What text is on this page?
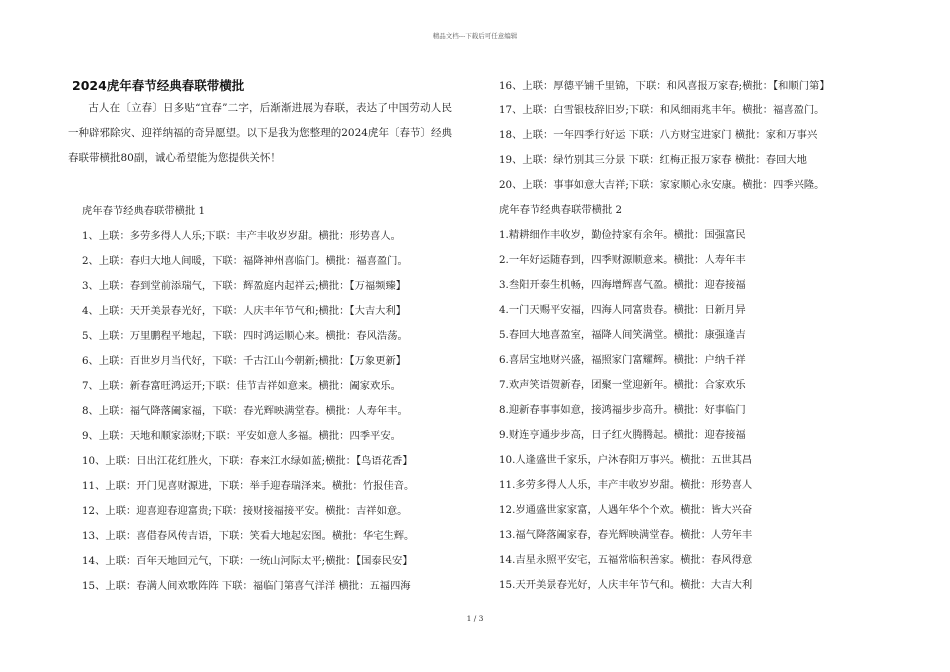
精品文档---下载后可任意编辑
2024虎年春节经典春联带横批
古人在〔立春〕日多贴“宜春”二字，后渐渐进展为春联，表达了中国劳动人民一种辟邪除灾、迎祥纳福的奇异愿望。以下是我为您整理的2024虎年〔春节〕经典春联带横批80副，诚心希望能为您提供关怀！
虎年春节经典春联带横批 1
1、上联：多劳多得人人乐;下联：丰产丰收岁岁甜。横批：形势喜人。
2、上联：春归大地人间暖，下联：福降神州喜临门。横批：福喜盈门。
3、上联：春到堂前添瑞气，下联：辉盈庭内起祥云;横批：【万福频臻】
4、上联：天开美景春光好，下联：人庆丰年节气和;横批：【大吉大利】
5、上联：万里鹏程平地起，下联：四时鸿运顺心来。横批：春风浩荡。
6、上联：百世岁月当代好，下联：千古江山今朝新;横批：【万象更新】
7、上联：新春富旺鸿运开;下联：佳节吉祥如意来。横批：阖家欢乐。
8、上联：福气降落阖家福，下联：春光辉映满堂春。横批：人寿年丰。
9、上联：天地和顺家添财;下联：平安如意人多福。横批：四季平安。
10、上联：日出江花红胜火，下联：春来江水绿如蓝;横批：【鸟语花香】
11、上联：开门见喜财源进，下联：举手迎春瑞泽来。横批：竹报佳音。
12、上联：迎喜迎春迎富贵;下联：接财接福接平安。横批：吉祥如意。
13、上联：喜借春风传吉语，下联：笑看大地起宏图。横批：华宅生辉。
14、上联：百年天地回元气，下联：一统山河际太平;横批：【国泰民安】
15、上联：春满人间欢歌阵阵 下联：福临门第喜气洋洋 横批：五福四海
16、上联：厚德平铺千里锦，下联：和风喜报万家春;横批：【和顺门第】
17、上联：白雪银枝辞旧岁;下联：和风细雨兆丰年。横批：福喜盈门。
18、上联：一年四季行好运 下联：八方财宝进家门 横批：家和万事兴
19、上联：绿竹别其三分景 下联：红梅正报万家春 横批：春回大地
20、上联：事事如意大吉祥;下联：家家顺心永安康。横批：四季兴隆。
虎年春节经典春联带横批 2
1.精耕细作丰收岁，勤俭持家有余年。横批：国强富民
2.一年好运随春到，四季财源顺意来。横批：人寿年丰
3.叁阳开泰生机畅，四海增辉喜气盈。横批：迎春接福
4.一门天赐平安福，四海人同富贵春。横批：日新月异
5.春回大地喜盈室，福降人间笑满堂。横批：康强逢吉
6.喜居宝地财兴盛，福照家门富耀辉。横批：户纳千祥
7.欢声笑语贺新春，团聚一堂迎新年。横批：合家欢乐
8.迎新春事事如意，接鸿福步步高升。横批：好事临门
9.财连亨通步步高，日子红火腾腾起。横批：迎春接福
10.人逢盛世千家乐，户沐春阳万事兴。横批：五世其昌
11.多劳多得人人乐，丰产丰收岁岁甜。横批：形势喜人
12.岁通盛世家家富，人遇年华个个欢。横批：皆大兴奋
13.福气降落阖家春，春光辉映满堂春。横批：人劳年丰
14.吉星永照平安宅，五福常临积善家。横批：春风得意
15.天开美景春光好，人庆丰年节气和。横批：大吉大利
1 / 3
